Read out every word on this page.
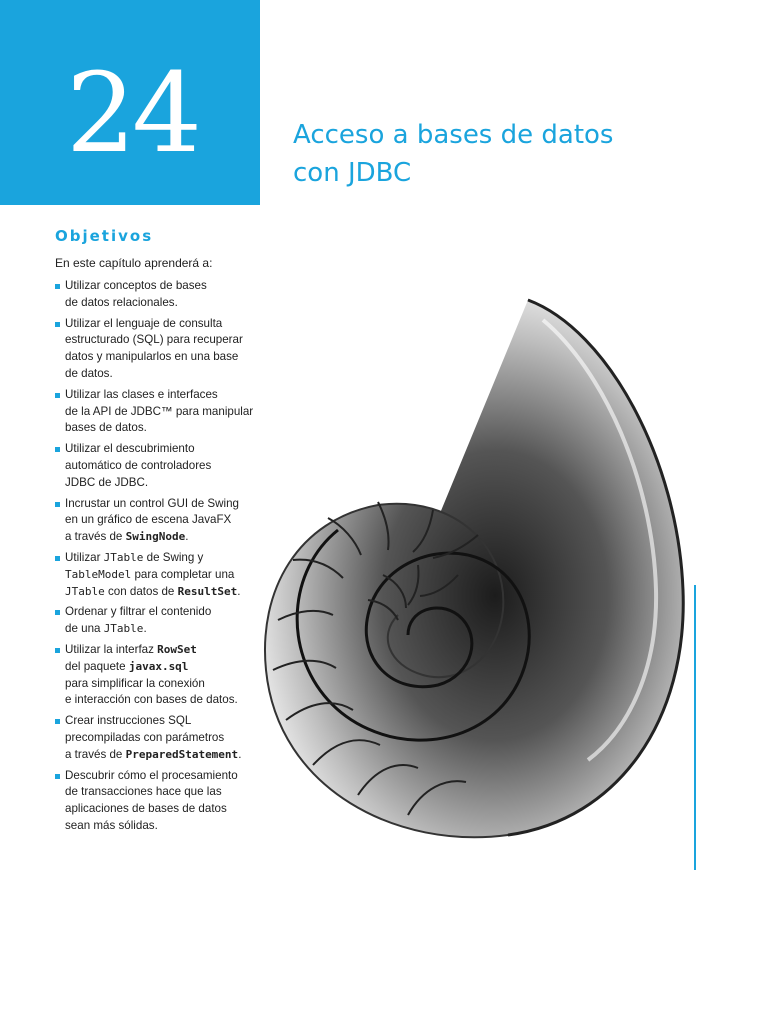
24	Acceso a bases de datos
con JDBC
Objetivos
En este capítulo aprenderá a:
Utilizar conceptos de bases
de datos relacionales.
Utilizar el lenguaje de consulta
estructurado (SQL) para recuperar
datos y manipularlos en una base
de datos.
Utilizar las clases e interfaces
de la API de JDBC™ para manipular
bases de datos.
Utilizar el descubrimiento
automático de controladores
JDBC de JDBC.
Incrustar un control GUI de Swing
en un gráfico de escena JavaFX
a través de SwingNode.
Utilizar JTable de Swing y
TableModel para completar una
JTable con datos de ResultSet.
Ordenar y filtrar el contenido
de una JTable.
Utilizar la interfaz RowSet
del paquete javax.sql
para simplificar la conexión
e interacción con bases de datos.
Crear instrucciones SQL
precompiladas con parámetros
a través de PreparedStatement.
Descubrir cómo el procesamiento
de transacciones hace que las
aplicaciones de bases de datos
sean más sólidas.
